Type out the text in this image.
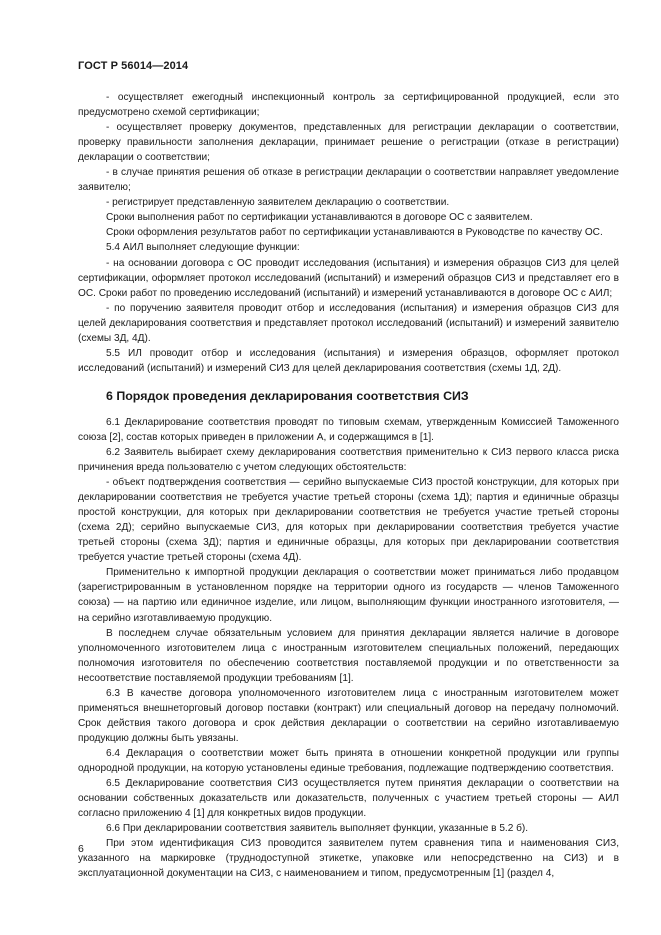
ГОСТ Р 56014—2014

- осуществляет ежегодный инспекционный контроль за сертифицированной продукцией, если это предусмотрено схемой сертификации;

- осуществляет проверку документов, представленных для регистрации декларации о соответствии, проверку правильности заполнения декларации, принимает решение о регистрации (отказе в регистрации) декларации о соответствии;

- в случае принятия решения об отказе в регистрации декларации о соответствии направляет уведомление заявителю;

- регистрирует представленную заявителем декларацию о соответствии.

Сроки выполнения работ по сертификации устанавливаются в договоре ОС с заявителем.

Сроки оформления результатов работ по сертификации устанавливаются в Руководстве по качеству ОС.

5.4 АИЛ выполняет следующие функции:

- на основании договора с ОС проводит исследования (испытания) и измерения образцов СИЗ для целей сертификации, оформляет протокол исследований (испытаний) и измерений образцов СИЗ и представляет его в ОС. Сроки работ по проведению исследований (испытаний) и измерений устанавливаются в договоре ОС с АИЛ;

- по поручению заявителя проводит отбор и исследования (испытания) и измерения образцов СИЗ для целей декларирования соответствия и представляет протокол исследований (испытаний) и измерений заявителю (схемы 3Д, 4Д).

5.5 ИЛ проводит отбор и исследования (испытания) и измерения образцов, оформляет протокол исследований (испытаний) и измерений СИЗ для целей декларирования соответствия (схемы 1Д, 2Д).

6 Порядок проведения декларирования соответствия СИЗ

6.1 Декларирование соответствия проводят по типовым схемам, утвержденным Комиссией Таможенного союза [2], состав которых приведен в приложении А, и содержащимся в [1].

6.2 Заявитель выбирает схему декларирования соответствия применительно к СИЗ первого класса риска причинения вреда пользователю с учетом следующих обстоятельств:

- объект подтверждения соответствия — серийно выпускаемые СИЗ простой конструкции, для которых при декларировании соответствия не требуется участие третьей стороны (схема 1Д); партия и единичные образцы простой конструкции, для которых при декларировании соответствия не требуется участие третьей стороны (схема 2Д); серийно выпускаемые СИЗ, для которых при декларировании соответствия требуется участие третьей стороны (схема 3Д); партия и единичные образцы, для которых при декларировании соответствия требуется участие третьей стороны (схема 4Д).

Применительно к импортной продукции декларация о соответствии может приниматься либо продавцом (зарегистрированным в установленном порядке на территории одного из государств — членов Таможенного союза) — на партию или единичное изделие, или лицом, выполняющим функции иностранного изготовителя, — на серийно изготавливаемую продукцию.

В последнем случае обязательным условием для принятия декларации является наличие в договоре уполномоченного изготовителем лица с иностранным изготовителем специальных положений, передающих полномочия изготовителя по обеспечению соответствия поставляемой продукции и по ответственности за несоответствие поставляемой продукции требованиям [1].

6.3 В качестве договора уполномоченного изготовителем лица с иностранным изготовителем может применяться внешнеторговый договор поставки (контракт) или специальный договор на передачу полномочий. Срок действия такого договора и срок действия декларации о соответствии на серийно изготавливаемую продукцию должны быть увязаны.

6.4 Декларация о соответствии может быть принята в отношении конкретной продукции или группы однородной продукции, на которую установлены единые требования, подлежащие подтверждению соответствия.

6.5 Декларирование соответствия СИЗ осуществляется путем принятия декларации о соответствии на основании собственных доказательств или доказательств, полученных с участием третьей стороны — АИЛ согласно приложению 4 [1] для конкретных видов продукции.

6.6 При декларировании соответствия заявитель выполняет функции, указанные в 5.2 б).

При этом идентификация СИЗ проводится заявителем путем сравнения типа и наименования СИЗ, указанного на маркировке (труднодоступной этикетке, упаковке или непосредственно на СИЗ) и в эксплуатационной документации на СИЗ, с наименованием и типом, предусмотренным [1] (раздел 4,

6
